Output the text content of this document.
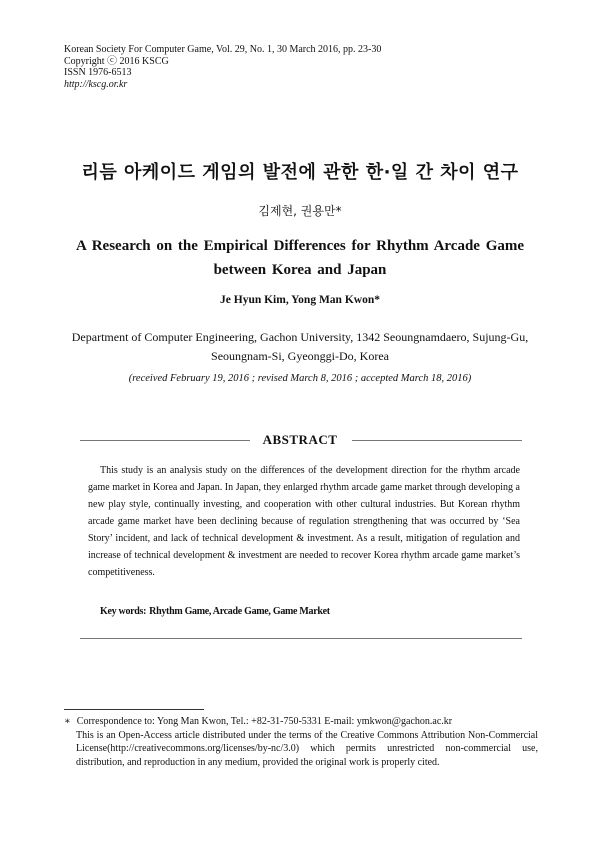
Korean Society For Computer Game, Vol. 29, No. 1, 30 March 2016, pp. 23-30
Copyright ⓒ 2016 KSCG
ISSN 1976-6513
http://kscg.or.kr
리듬 아케이드 게임의 발전에 관한 한·일 간 차이 연구
김제현, 권용만*
A Research on the Empirical Differences for Rhythm Arcade Game between Korea and Japan
Je Hyun Kim, Yong Man Kwon*
Department of Computer Engineering, Gachon University, 1342 Seoungnamdaero, Sujung-Gu, Seoungnam-Si, Gyeonggi-Do, Korea
(received February 19, 2016 ; revised March 8, 2016 ; accepted March 18, 2016)
ABSTRACT
This study is an analysis study on the differences of the development direction for the rhythm arcade game market in Korea and Japan. In Japan, they enlarged rhythm arcade game market through developing a new play style, continually investing, and cooperation with other cultural industries. But Korean rhythm arcade game market have been declining because of regulation strengthening that was occurred by ‘Sea Story’ incident, and lack of technical development & investment. As a result, mitigation of regulation and increase of technical development & investment are needed to recover Korea rhythm arcade game market’s competitiveness.
Key words: Rhythm Game, Arcade Game, Game Market
∗ Correspondence to: Yong Man Kwon, Tel.: +82-31-750-5331 E-mail: ymkwon@gachon.ac.kr
This is an Open-Access article distributed under the terms of the Creative Commons Attribution Non-Commercial License(http://creativecommons.org/licenses/by-nc/3.0) which permits unrestricted non-commercial use, distribution, and reproduction in any medium, provided the original work is properly cited.
